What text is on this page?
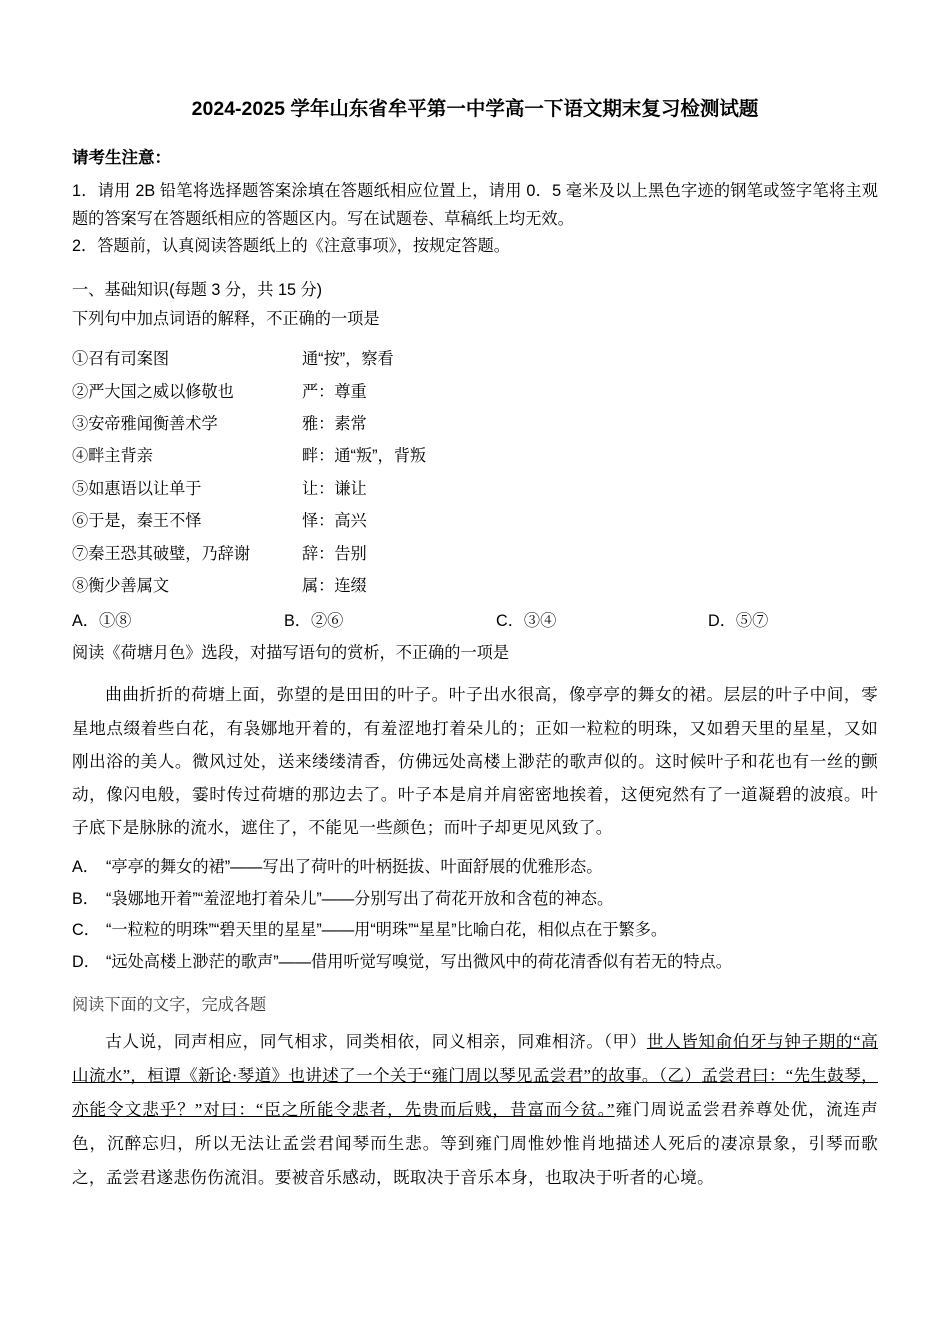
2024-2025 学年山东省牟平第一中学高一下语文期末复习检测试题

请考生注意：

1．请用 2B 铅笔将选择题答案涂填在答题纸相应位置上，请用 0．5 毫米及以上黑色字迹的钢笔或签字笔将主观题的答案写在答题纸相应的答题区内。写在试题卷、草稿纸上均无效。

2．答题前，认真阅读答题纸上的《注意事项》，按规定答题。

一、基础知识(每题 3 分，共 15 分)

下列句中加点词语的解释，不正确的一项是

①召有司案图	通“按”，察看
②严大国之威以修敬也	严：尊重
③安帝雅闻衡善术学	雅：素常
④畔主背亲	畔：通“叛”，背叛
⑤如惠语以让单于	让：谦让
⑥于是，秦王不怿	怿：高兴
⑦秦王恐其破璧，乃辞谢	辞：告别
⑧衡少善属文	属：连缀
A．①⑧	B．②⑥	C．③④	D．⑤⑦

阅读《荷塘月色》选段，对描写语句的赏析，不正确的一项是

曲曲折折的荷塘上面，弥望的是田田的叶子。叶子出水很高，像亭亭的舞女的裙。层层的叶子中间，零星地点缀着些白花，有袅娜地开着的，有羞涩地打着朵儿的；正如一粒粒的明珠，又如碧天里的星星，又如刚出浴的美人。微风过处，送来缕缕清香，仿佛远处高楼上渺茫的歌声似的。这时候叶子和花也有一丝的颤动，像闪电般，霎时传过荷塘的那边去了。叶子本是肩并肩密密地挨着，这便宛然有了一道凝碧的波痕。叶子底下是脉脉的流水，遮住了，不能见一些颜色；而叶子却更见风致了。

A． “亭亭的舞女的裙”——写出了荷叶的叶柄挺拔、叶面舒展的优雅形态。

B． “袅娜地开着”“羞涩地打着朵儿”——分别写出了荷花开放和含苞的神态。

C． “一粒粒的明珠”“碧天里的星星”——用“明珠”“星星”比喻白花，相似点在于繁多。

D． “远处高楼上渺茫的歌声”——借用听觉写嗅觉，写出微风中的荷花清香似有若无的特点。

阅读下面的文字，完成各题

古人说，同声相应，同气相求，同类相依，同义相亲，同难相济。（甲）世人皆知俞伯牙与钟子期的“高山流水”，桓谭《新论·琴道》也讲述了一个关于“雍门周以琴见孟尝君”的故事。（乙）孟尝君曰：“先生鼓琴，亦能令文悲乎？”对曰：“臣之所能令悲者，先贵而后贱，昔富而今贫。”雍门周说孟尝君养尊处优，流连声色，沉醉忘归，所以无法让孟尝君闻琴而生悲。等到雍门周惟妙惟肖地描述人死后的凄凉景象，引琴而歌之，孟尝君遂悲伤伤流泪。要被音乐感动，既取决于音乐本身，也取决于听者的心境。
